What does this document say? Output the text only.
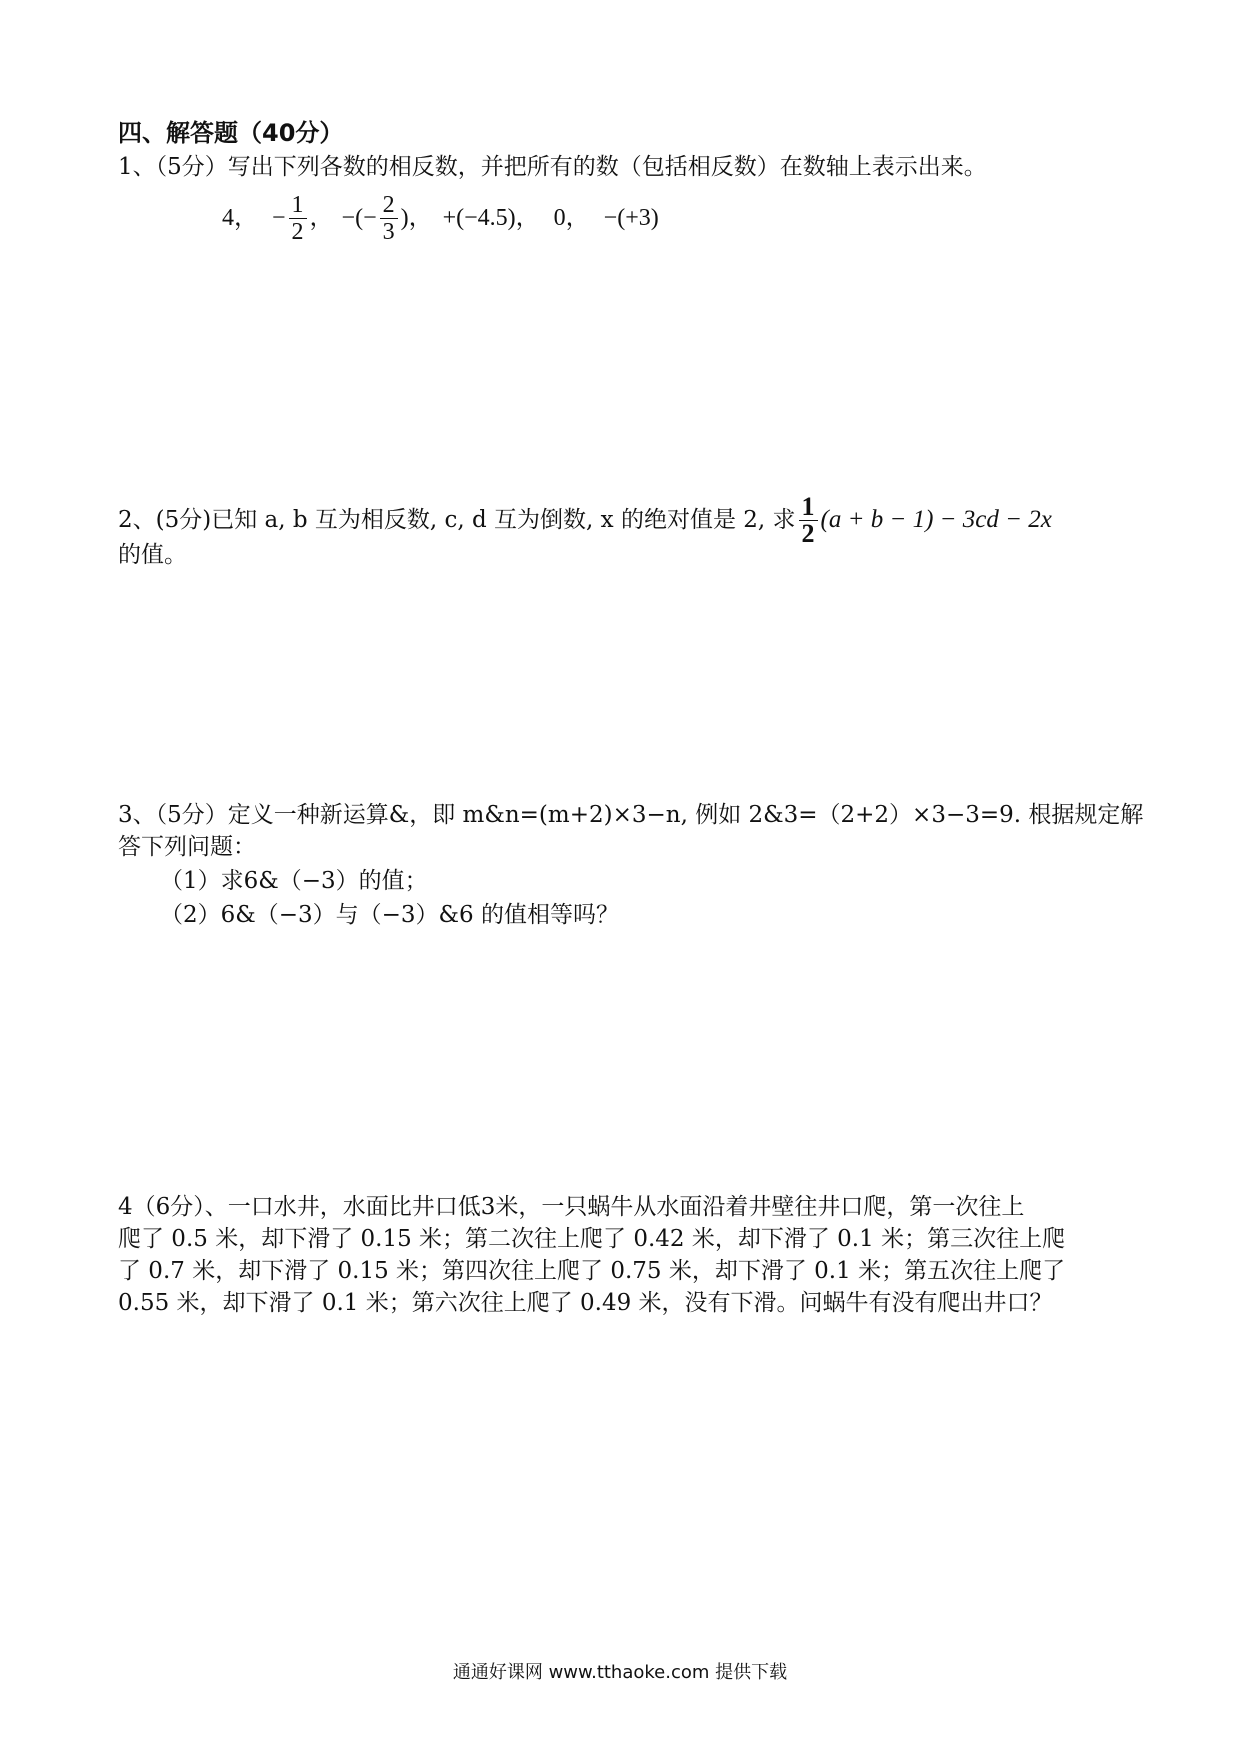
四、解答题（40分）
1、（5分）写出下列各数的相反数，并把所有的数（包括相反数）在数轴上表示出来。
4， − $\frac{1}{2}$ ， −(− $\frac{2}{3}$ )， +(−4.5)， 0， −(+3)
2、(5分)已知 a, b 互为相反数, c, d 互为倒数, x 的绝对值是 2, 求 $\frac{1}{2} (a + b - 1) - 3cd - 2x$
的值。
3、（5分）定义一种新运算&，即 m&n=(m+2)×3−n, 例如 2&3=（2+2）×3−3=9. 根据规定解
答下列问题：
（1）求6&（−3）的值；
（2）6&（−3）与（−3）&6 的值相等吗？
4（6分）、一口水井，水面比井口低3米，一只蜗牛从水面沿着井壁往井口爬，第一次往上
爬了 0.5 米，却下滑了 0.15 米；第二次往上爬了 0.42 米，却下滑了 0.1 米；第三次往上爬
了 0.7 米，却下滑了 0.15 米；第四次往上爬了 0.75 米，却下滑了 0.1 米；第五次往上爬了
0.55 米，却下滑了 0.1 米；第六次往上爬了 0.49 米，没有下滑。问蜗牛有没有爬出井口？
通通好课网 www.tthaoke.com 提供下载
